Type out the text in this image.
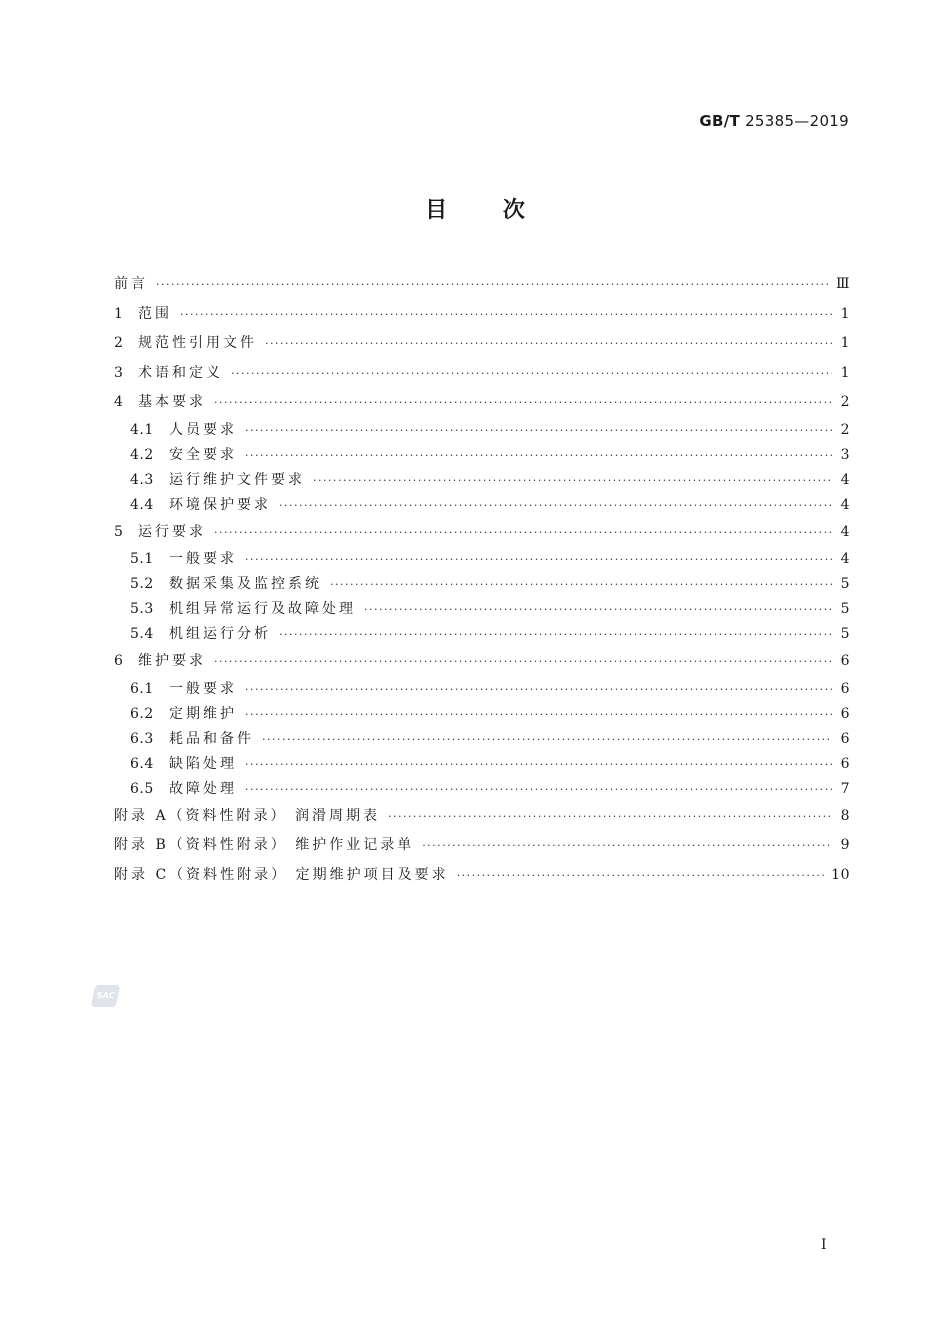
GB/T 25385—2019
目	次
前言 ·····	Ⅲ
1	范围 ·····	1
2	规范性引用文件 ·····	1
3	术语和定义 ·····	1
4	基本要求 ·····	2
4.1	人员要求 ·····	2
4.2	安全要求 ·····	3
4.3	运行维护文件要求 ·····	4
4.4	环境保护要求 ·····	4
5	运行要求 ·····	4
5.1	一般要求 ·····	4
5.2	数据采集及监控系统 ·····	5
5.3	机组异常运行及故障处理 ·····	5
5.4	机组运行分析 ·····	5
6	维护要求 ·····	6
6.1	一般要求 ·····	6
6.2	定期维护 ·····	6
6.3	耗品和备件 ·····	6
6.4	缺陷处理 ·····	6
6.5	故障处理 ·····	7
附录 A（资料性附录） 润滑周期表 ·····	8
附录 B（资料性附录） 维护作业记录单 ·····	9
附录 C（资料性附录） 定期维护项目及要求 ·····	10
SAC
Ⅰ
